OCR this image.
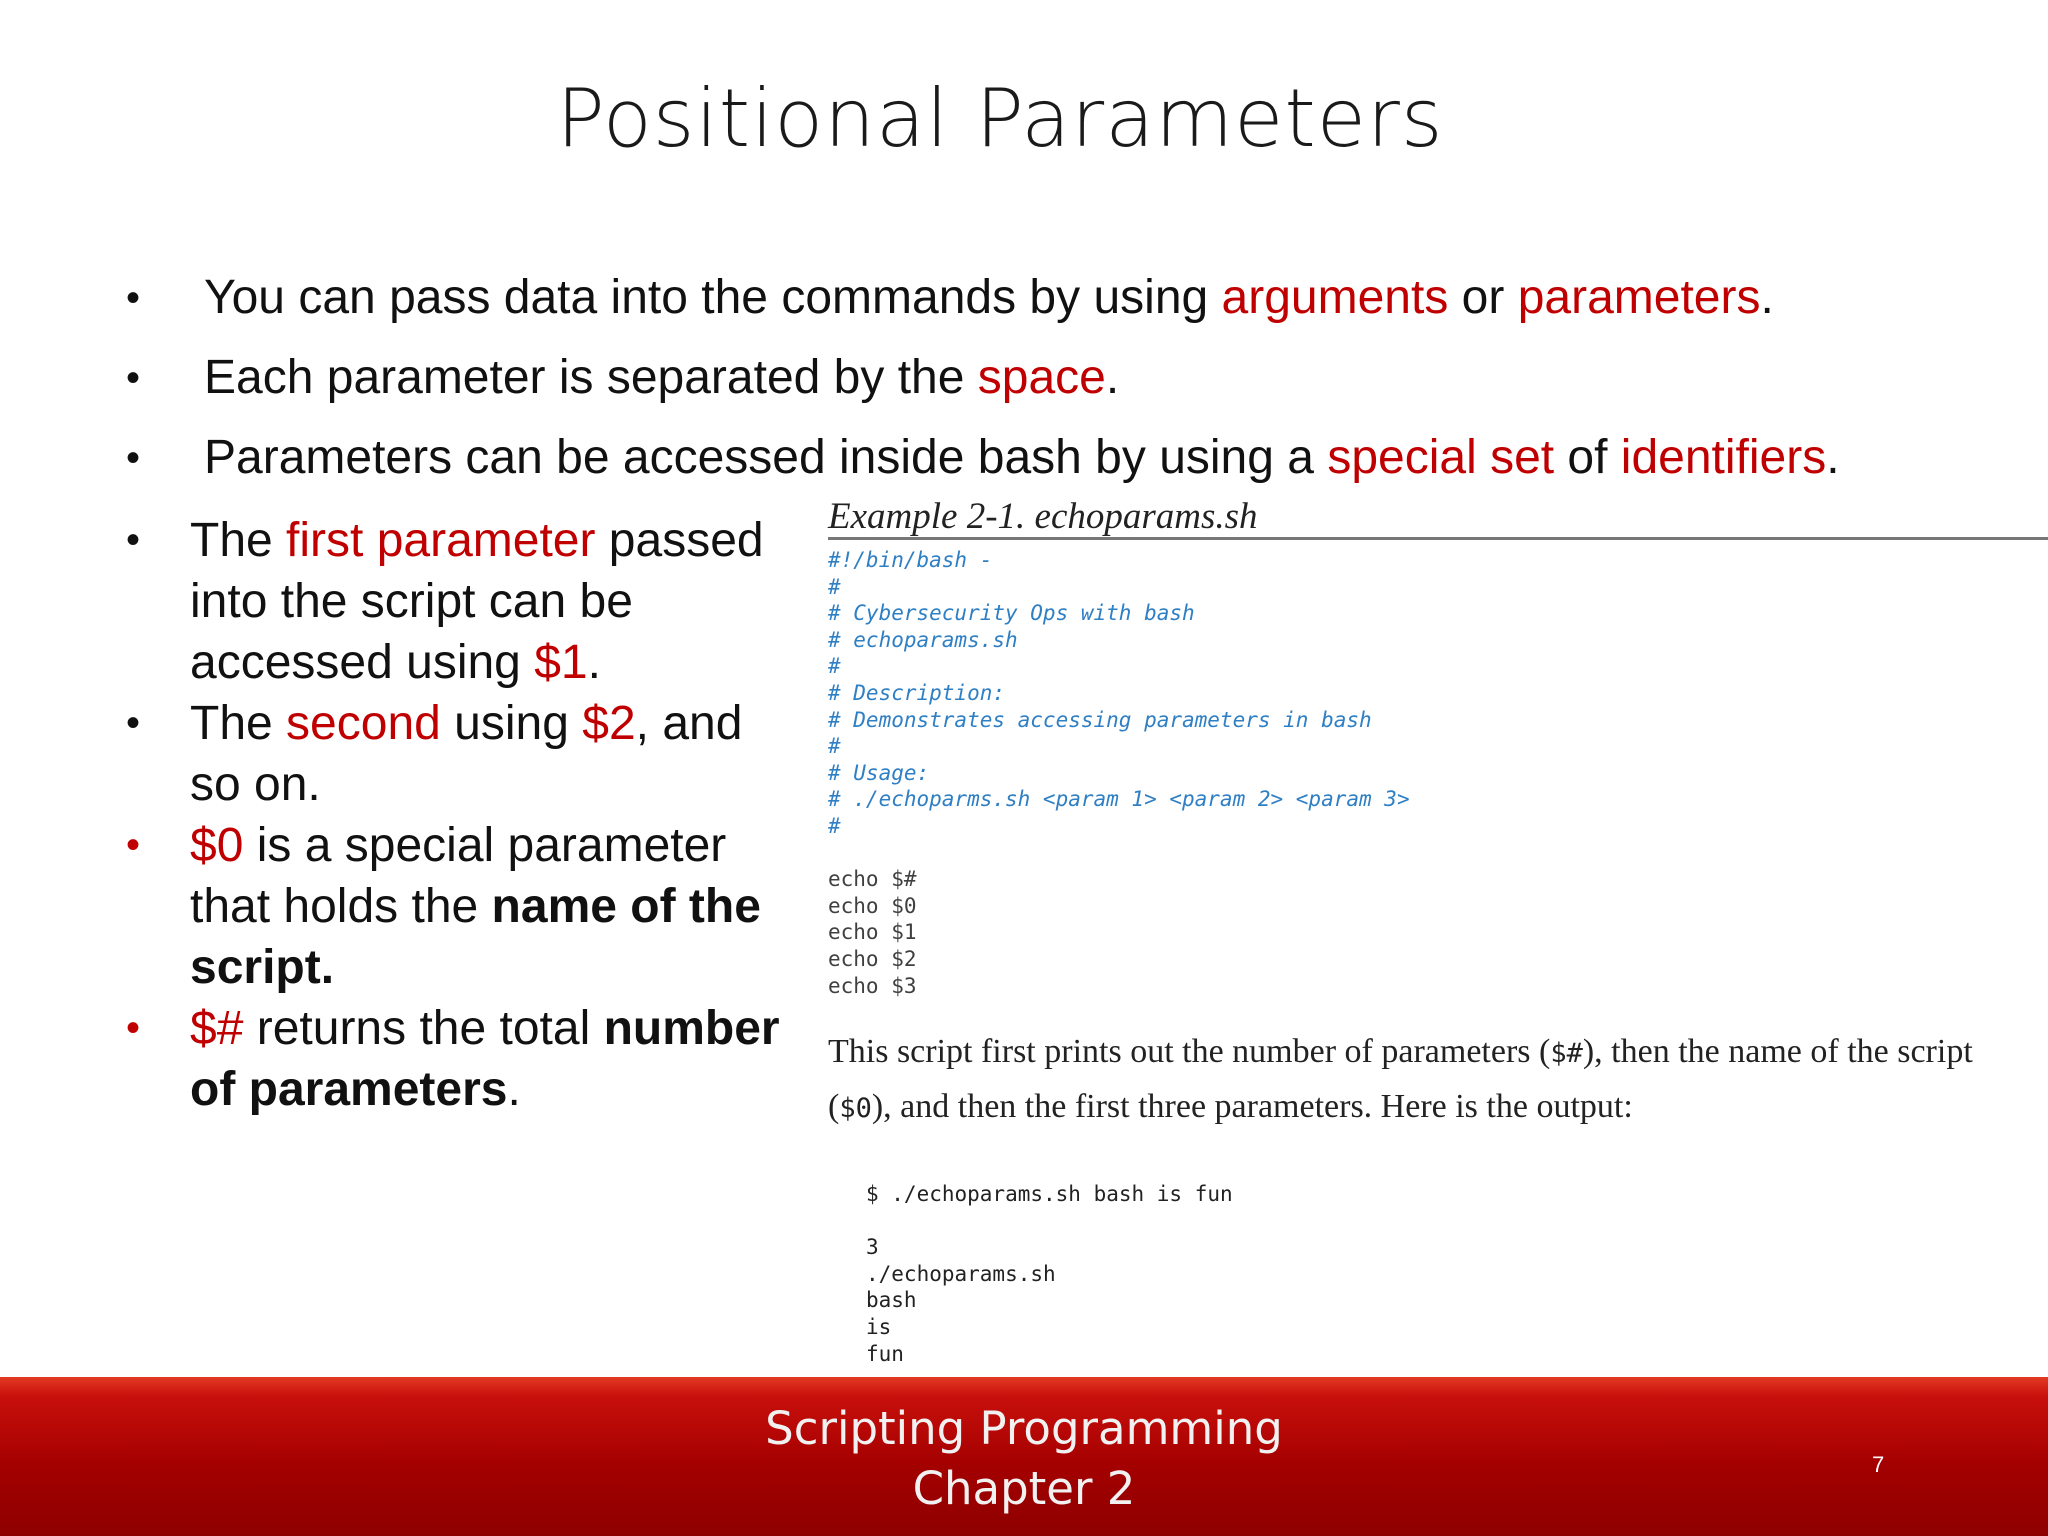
Positional Parameters
• You can pass data into the commands by using arguments or parameters.
• Each parameter is separated by the space.
• Parameters can be accessed inside bash by using a special set of identifiers.
• The first parameter passed into the script can be accessed using $1.
• The second using $2, and so on.
• $0 is a special parameter that holds the name of the script.
• $# returns the total number of parameters.
Example 2-1. echoparams.sh
#!/bin/bash -
#
# Cybersecurity Ops with bash
# echoparams.sh
#
# Description:
# Demonstrates accessing parameters in bash
#
# Usage:
# ./echoparms.sh <param 1> <param 2> <param 3>
#
echo $#
echo $0
echo $1
echo $2
echo $3

This script first prints out the number of parameters ($#), then the name of the script ($0), and then the first three parameters. Here is the output:

$ ./echoparams.sh bash is fun
3
./echoparams.sh
bash
is
fun
Scripting Programming
Chapter 2	7
